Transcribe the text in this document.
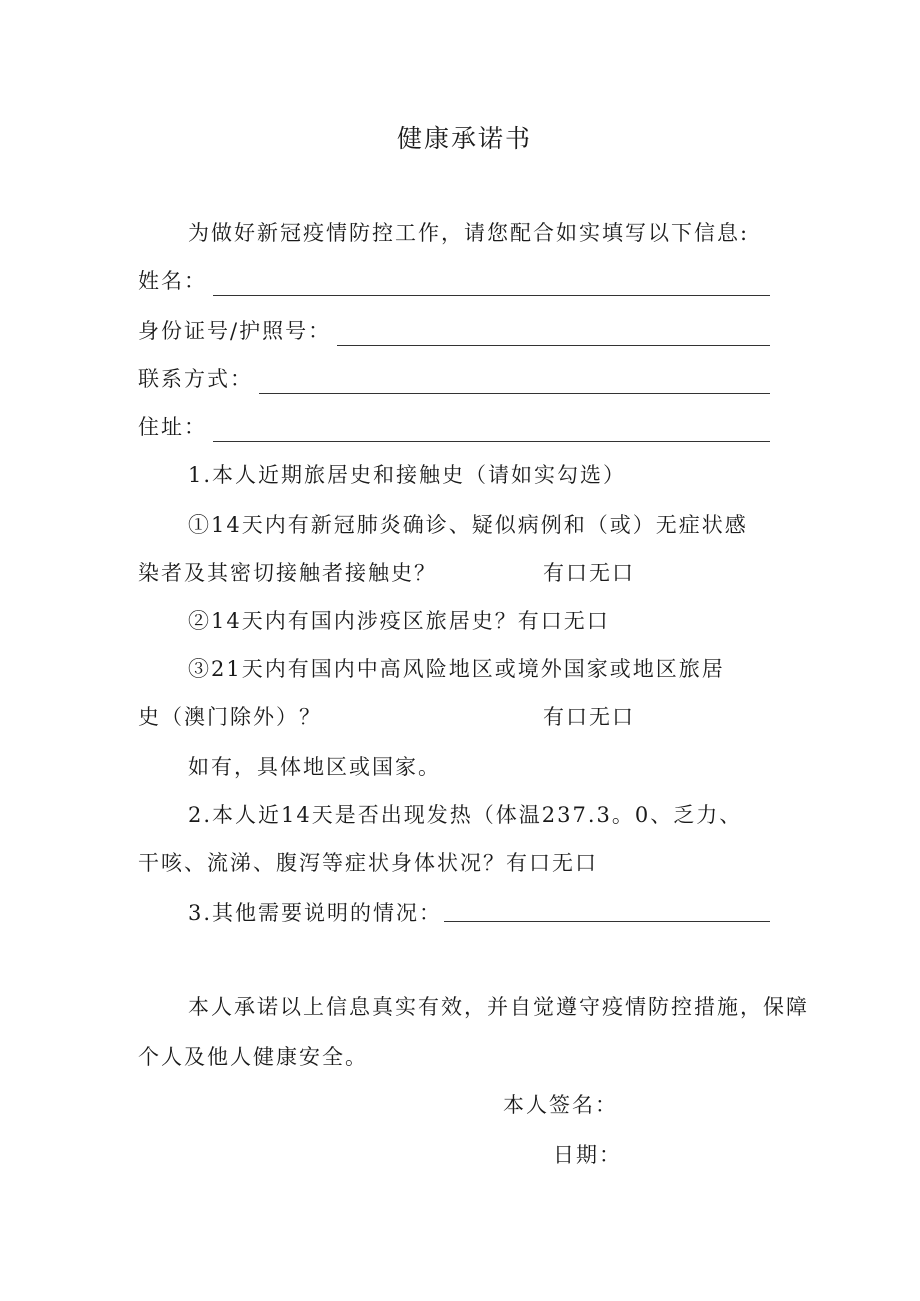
健康承诺书
为做好新冠疫情防控工作，请您配合如实填写以下信息:
姓名：
身份证号/护照号：
联系方式：
住址：
1.本人近期旅居史和接触史（请如实勾选）
①14天内有新冠肺炎确诊、疑似病例和（或）无症状感
染者及其密切接触者接触史？	有口无口
②14天内有国内涉疫区旅居史？有口无口
③21天内有国内中高风险地区或境外国家或地区旅居
史（澳门除外）？	有口无口
如有，具体地区或国家。
2.本人近14天是否出现发热（体温237.3。0、乏力、
干咳、流涕、腹泻等症状身体状况？有口无口
3.其他需要说明的情况：
本人承诺以上信息真实有效，并自觉遵守疫情防控措施，保障
个人及他人健康安全。
本人签名：
日期：
